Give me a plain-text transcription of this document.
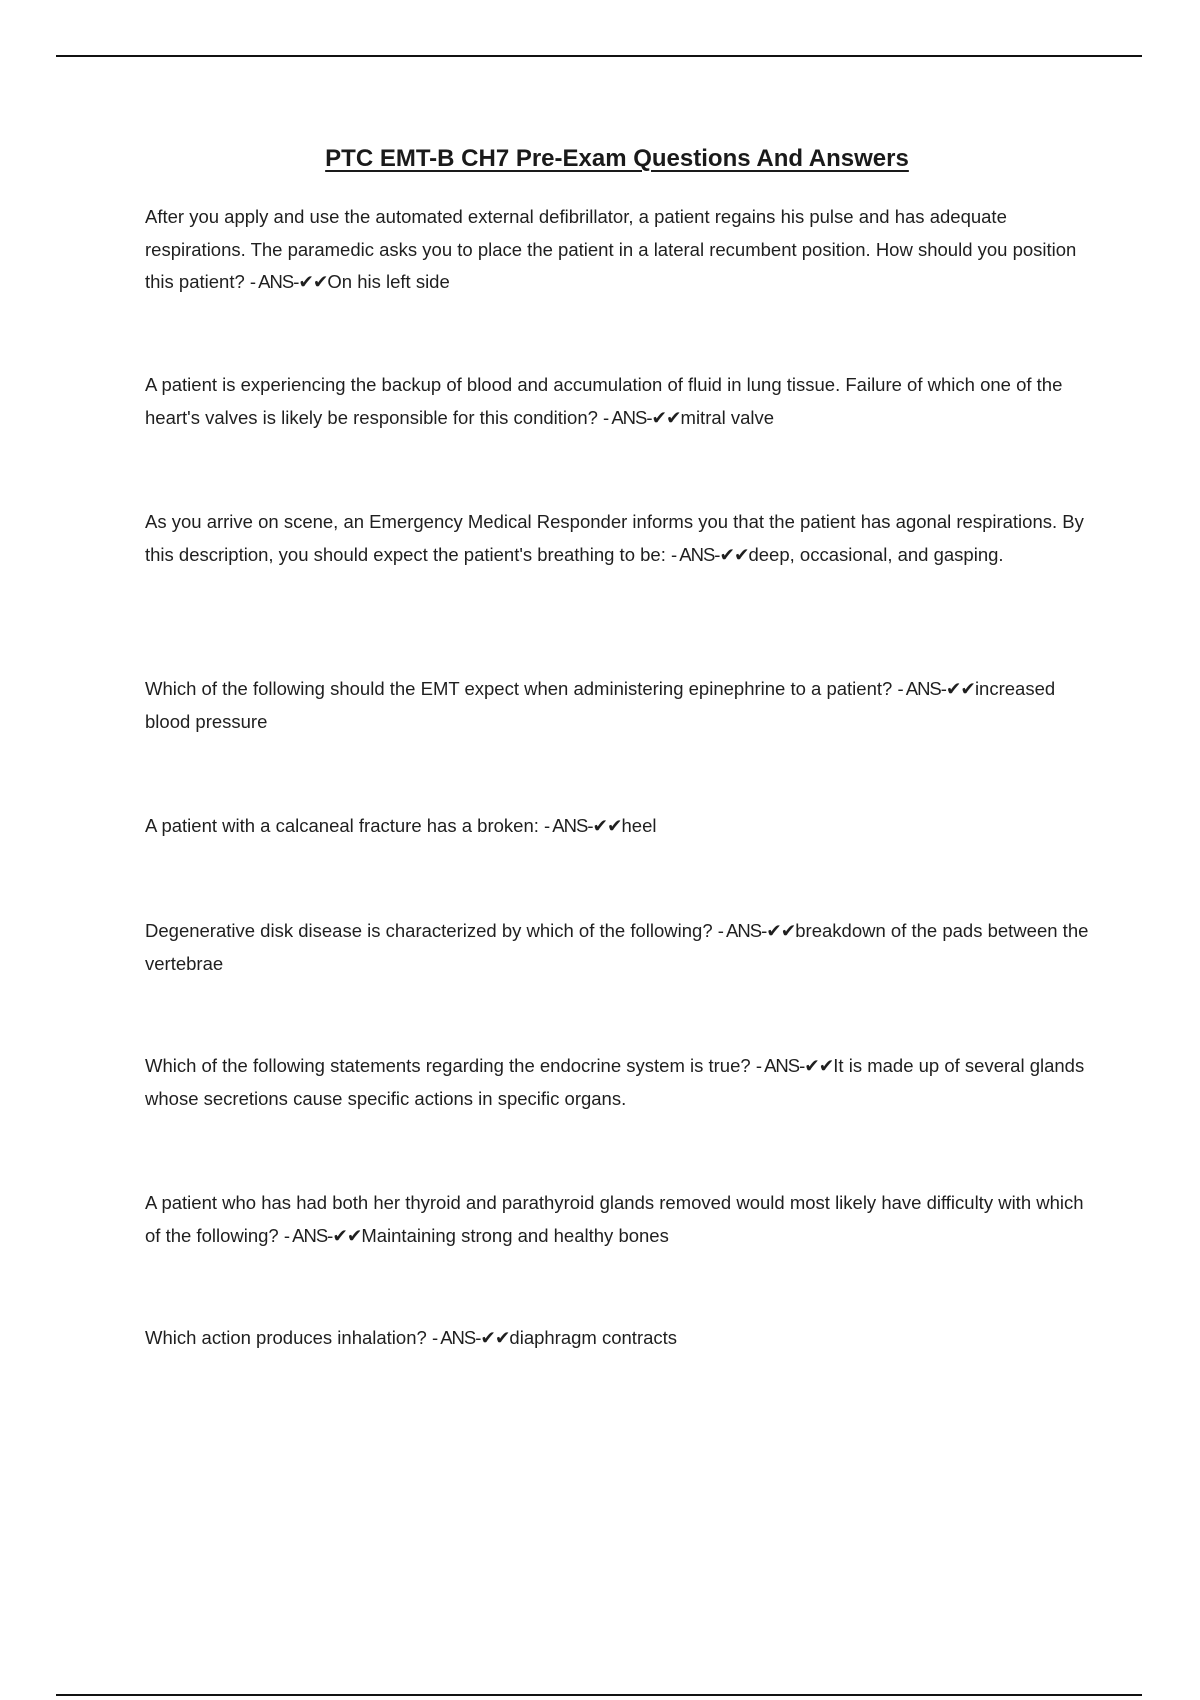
PTC EMT-B CH7 Pre-Exam Questions And Answers
After you apply and use the automated external defibrillator, a patient regains his pulse and has adequate respirations. The paramedic asks you to place the patient in a lateral recumbent position. How should you position this patient? - ANS-✔✔On his left side
A patient is experiencing the backup of blood and accumulation of fluid in lung tissue. Failure of which one of the heart's valves is likely be responsible for this condition? - ANS-✔✔mitral valve
As you arrive on scene, an Emergency Medical Responder informs you that the patient has agonal respirations. By this description, you should expect the patient's breathing to be: - ANS-✔✔deep, occasional, and gasping.
Which of the following should the EMT expect when administering epinephrine to a patient? - ANS-✔✔increased blood pressure
A patient with a calcaneal fracture has a broken: - ANS-✔✔heel
Degenerative disk disease is characterized by which of the following? - ANS-✔✔breakdown of the pads between the vertebrae
Which of the following statements regarding the endocrine system is true? - ANS-✔✔It is made up of several glands whose secretions cause specific actions in specific organs.
A patient who has had both her thyroid and parathyroid glands removed would most likely have difficulty with which of the following? - ANS-✔✔Maintaining strong and healthy bones
Which action produces inhalation? - ANS-✔✔diaphragm contracts
